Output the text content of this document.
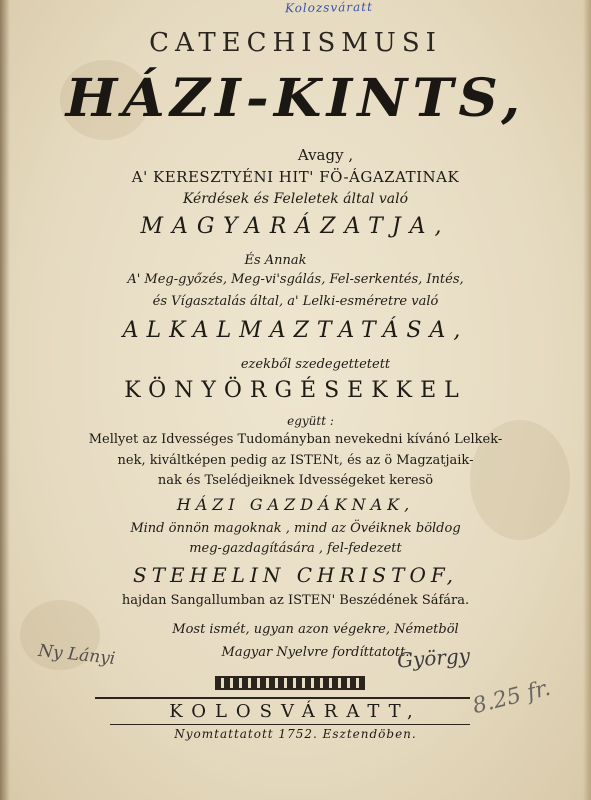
Kolozsváratt
CATECHISMUSI
HÁZI-KINTS,
Avagy ,
A' KERESZTYÉNI HIT' FÖ-ÁGAZATINAK
Kérdések és Feleletek által való
MAGYARÁZATJA,
És Annak
A' Meg-győzés, Meg-vi'sgálás, Fel-serkentés, Intés,
és Vígasztalás által, a' Lelki-esméretre való
ALKALMAZTATÁSA,
ezekből szedegettetett
KÖNYÖRGÉSEKKEL
együtt :
Mellyet az Idvességes Tudományban nevekedni kívánó Lelkek-
nek, kiváltképen pedig az ISTENt, és az ö Magzatjaik-
nak és Tselédjeiknek Idvességeket keresö
HÁZI GAZDÁKNAK,
Mind önnön magoknak , mind az Övéiknek böldog
meg-gazdagítására , fel-fedezett
STEHELIN CHRISTOF,
hajdan Sangallumban az ISTEN' Beszédének Sáfára.
Most ismét, ugyan azon végekre, Németböl
Magyar Nyelvre fordíttatott.
KOLOSVÁRATT,
Nyomtattatott 1752. Esztendöben.
Ny Lányi	György
8.25 fr.
